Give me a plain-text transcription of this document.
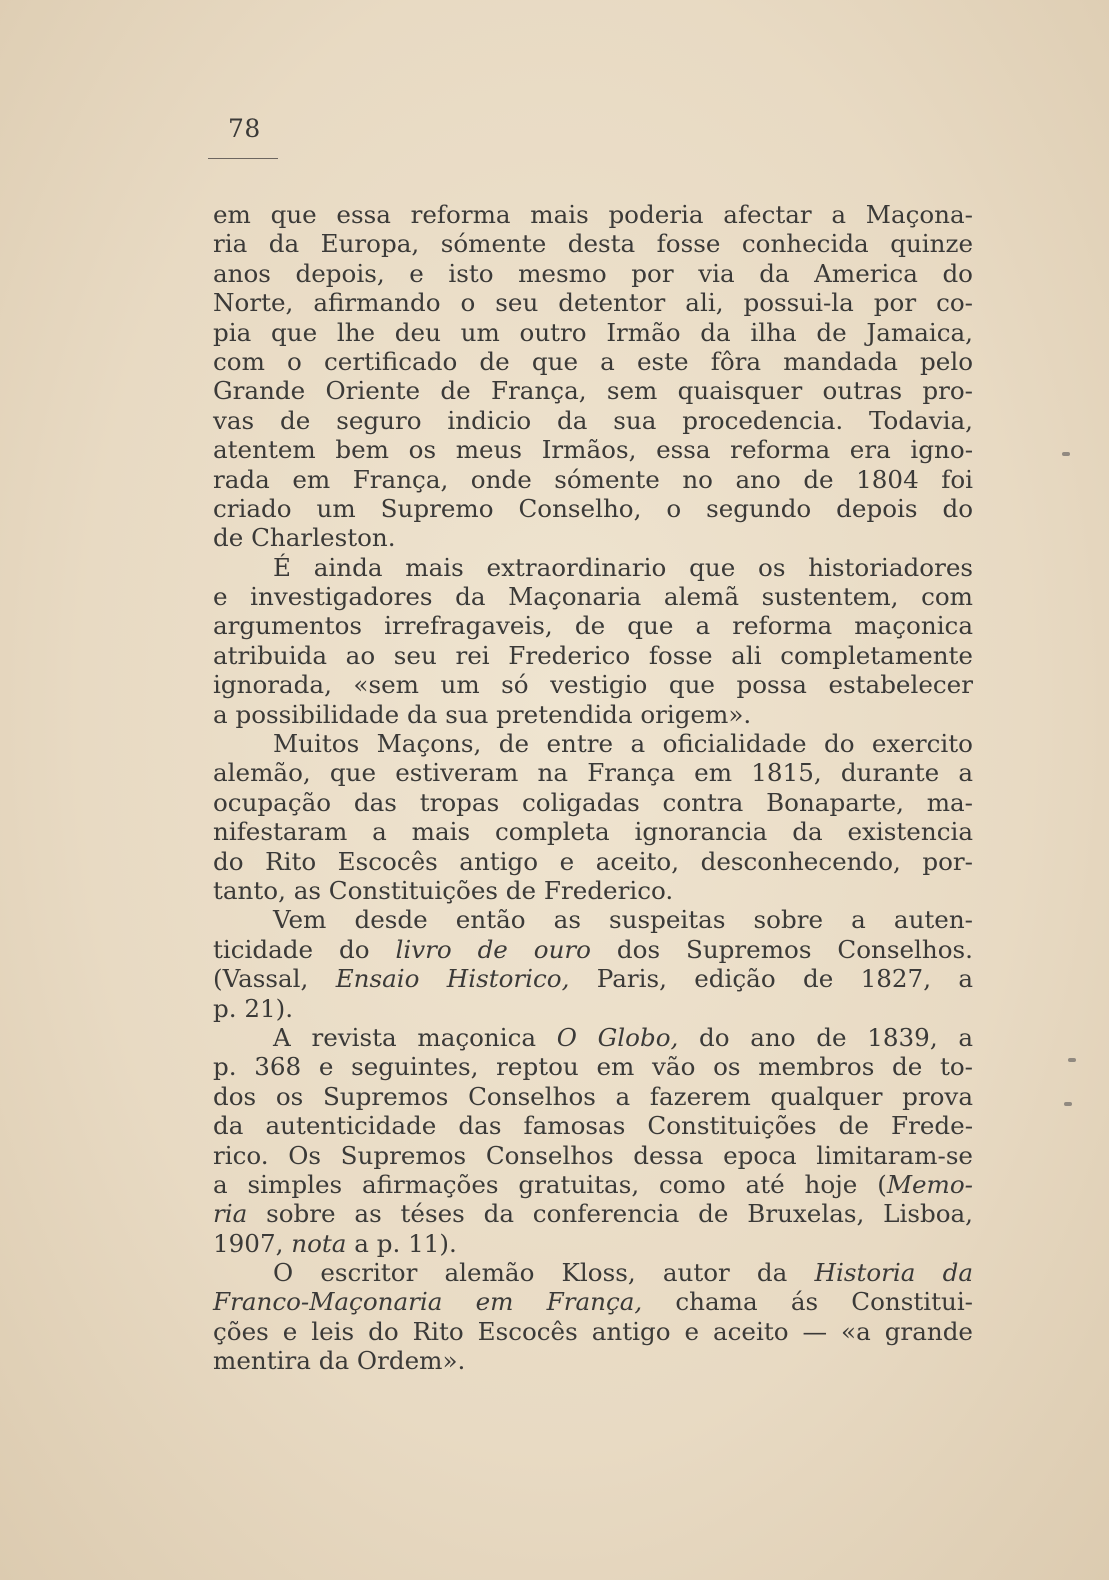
78
em que essa reforma mais poderia afectar a Maçona-
ria da Europa, sómente desta fosse conhecida quinze
anos depois, e isto mesmo por via da America do
Norte, afirmando o seu detentor ali, possui-la por co-
pia que lhe deu um outro Irmão da ilha de Jamaica,
com o certificado de que a este fôra mandada pelo
Grande Oriente de França, sem quaisquer outras pro-
vas de seguro indicio da sua procedencia. Todavia,
atentem bem os meus Irmãos, essa reforma era igno-
rada em França, onde sómente no ano de 1804 foi
criado um Supremo Conselho, o segundo depois do
de Charleston.
É ainda mais extraordinario que os historiadores
e investigadores da Maçonaria alemã sustentem, com
argumentos irrefragaveis, de que a reforma maçonica
atribuida ao seu rei Frederico fosse ali completamente
ignorada, «sem um só vestigio que possa estabelecer
a possibilidade da sua pretendida origem».
Muitos Maçons, de entre a oficialidade do exercito
alemão, que estiveram na França em 1815, durante a
ocupação das tropas coligadas contra Bonaparte, ma-
nifestaram a mais completa ignorancia da existencia
do Rito Escocês antigo e aceito, desconhecendo, por-
tanto, as Constituições de Frederico.
Vem desde então as suspeitas sobre a auten-
ticidade do livro de ouro dos Supremos Conselhos.
(Vassal, Ensaio Historico, Paris, edição de 1827, a
p. 21).
A revista maçonica O Globo, do ano de 1839, a
p. 368 e seguintes, reptou em vão os membros de to-
dos os Supremos Conselhos a fazerem qualquer prova
da autenticidade das famosas Constituições de Frede-
rico. Os Supremos Conselhos dessa epoca limitaram-se
a simples afirmações gratuitas, como até hoje (Memo-
ria sobre as téses da conferencia de Bruxelas, Lisboa,
1907, nota a p. 11).
O escritor alemão Kloss, autor da Historia da
Franco-Maçonaria em França, chama ás Constitui-
ções e leis do Rito Escocês antigo e aceito — «a grande
mentira da Ordem».
